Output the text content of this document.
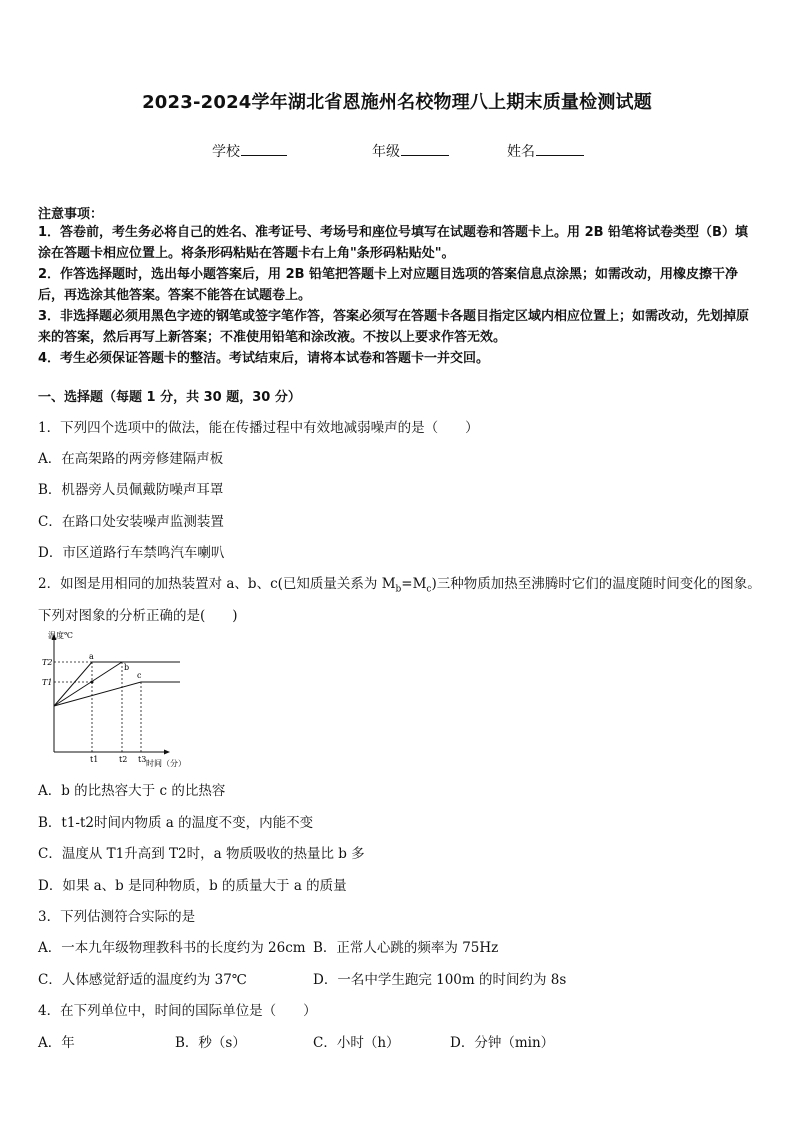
2023-2024学年湖北省恩施州名校物理八上期末质量检测试题
学校	年级	姓名
注意事项：
1．答卷前，考生务必将自己的姓名、准考证号、考场号和座位号填写在试题卷和答题卡上。用 2B 铅笔将试卷类型（B）填涂在答题卡相应位置上。将条形码粘贴在答题卡右上角"条形码粘贴处"。
2．作答选择题时，选出每小题答案后，用 2B 铅笔把答题卡上对应题目选项的答案信息点涂黑；如需改动，用橡皮擦干净后，再选涂其他答案。答案不能答在试题卷上。
3．非选择题必须用黑色字迹的钢笔或签字笔作答，答案必须写在答题卡各题目指定区域内相应位置上；如需改动，先划掉原来的答案，然后再写上新答案；不准使用铅笔和涂改液。不按以上要求作答无效。
4．考生必须保证答题卡的整洁。考试结束后，请将本试卷和答题卡一并交回。
一、选择题（每题 1 分，共 30 题，30 分）
1．下列四个选项中的做法，能在传播过程中有效地减弱噪声的是（　　）
A．在高架路的两旁修建隔声板
B．机器旁人员佩戴防噪声耳罩
C．在路口处安装噪声监测装置
D．市区道路行车禁鸣汽车喇叭
2．如图是用相同的加热装置对 a、b、c(已知质量关系为 $M_b=M_c$)三种物质加热至沸腾时它们的温度随时间变化的图象。
下列对图象的分析正确的是(　　)
温度℃
时间（分）
T2
T1
t1	t2 t3
a
b
c
A．b 的比热容大于 c 的比热容
B．t1-t2时间内物质 a 的温度不变，内能不变
C．温度从 T1升高到 T2时，a 物质吸收的热量比 b 多
D．如果 a、b 是同种物质，b 的质量大于 a 的质量
3．下列估测符合实际的是
A．一本九年级物理教科书的长度约为 26cm B．正常人心跳的频率为 75Hz
C．人体感觉舒适的温度约为 37℃	D．一名中学生跑完 100m 的时间约为 8s
4．在下列单位中，时间的国际单位是（　　）
A．年	B．秒（s）	C．小时（h）	D．分钟（min）
